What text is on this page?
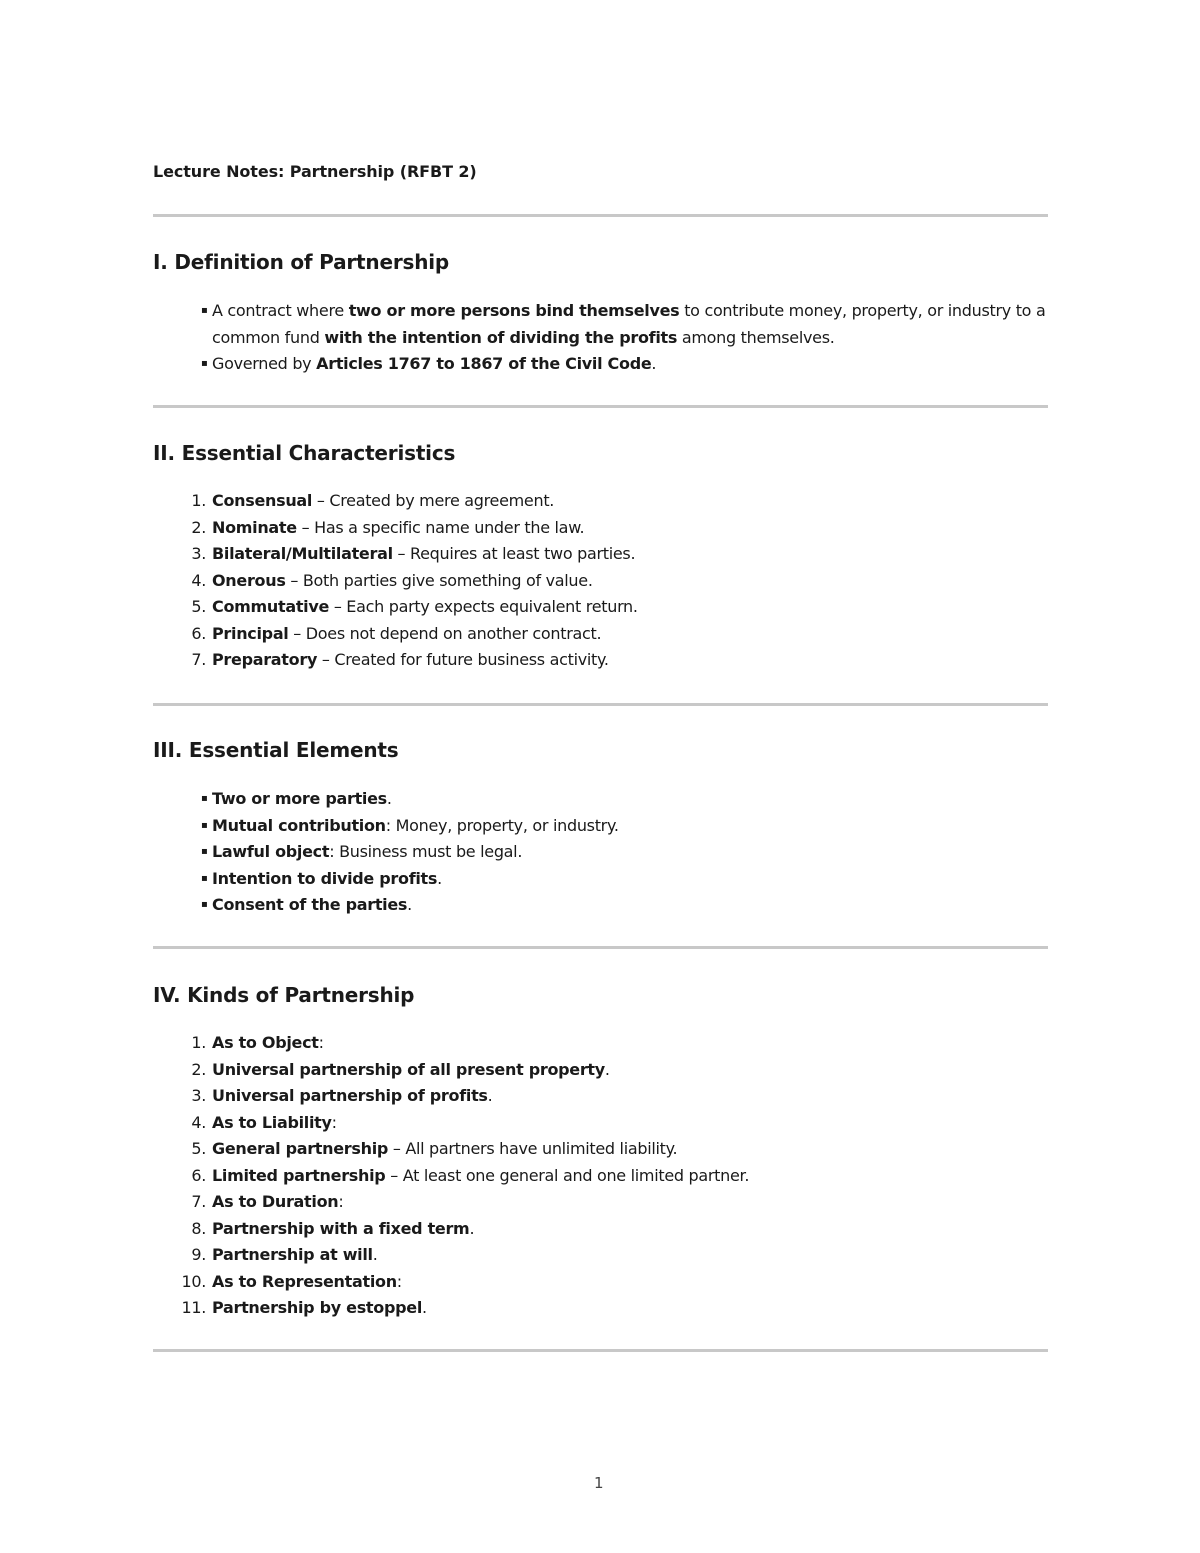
Lecture Notes: Partnership (RFBT 2)
I. Definition of Partnership
▪ A contract where two or more persons bind themselves to contribute money, property, or industry to a common fund with the intention of dividing the profits among themselves.
▪ Governed by Articles 1767 to 1867 of the Civil Code.
II. Essential Characteristics
1. Consensual – Created by mere agreement.
2. Nominate – Has a specific name under the law.
3. Bilateral/Multilateral – Requires at least two parties.
4. Onerous – Both parties give something of value.
5. Commutative – Each party expects equivalent return.
6. Principal – Does not depend on another contract.
7. Preparatory – Created for future business activity.
III. Essential Elements
▪ Two or more parties.
▪ Mutual contribution: Money, property, or industry.
▪ Lawful object: Business must be legal.
▪ Intention to divide profits.
▪ Consent of the parties.
IV. Kinds of Partnership
1. As to Object:
2. Universal partnership of all present property.
3. Universal partnership of profits.
4. As to Liability:
5. General partnership – All partners have unlimited liability.
6. Limited partnership – At least one general and one limited partner.
7. As to Duration:
8. Partnership with a fixed term.
9. Partnership at will.
10. As to Representation:
11. Partnership by estoppel.
1
